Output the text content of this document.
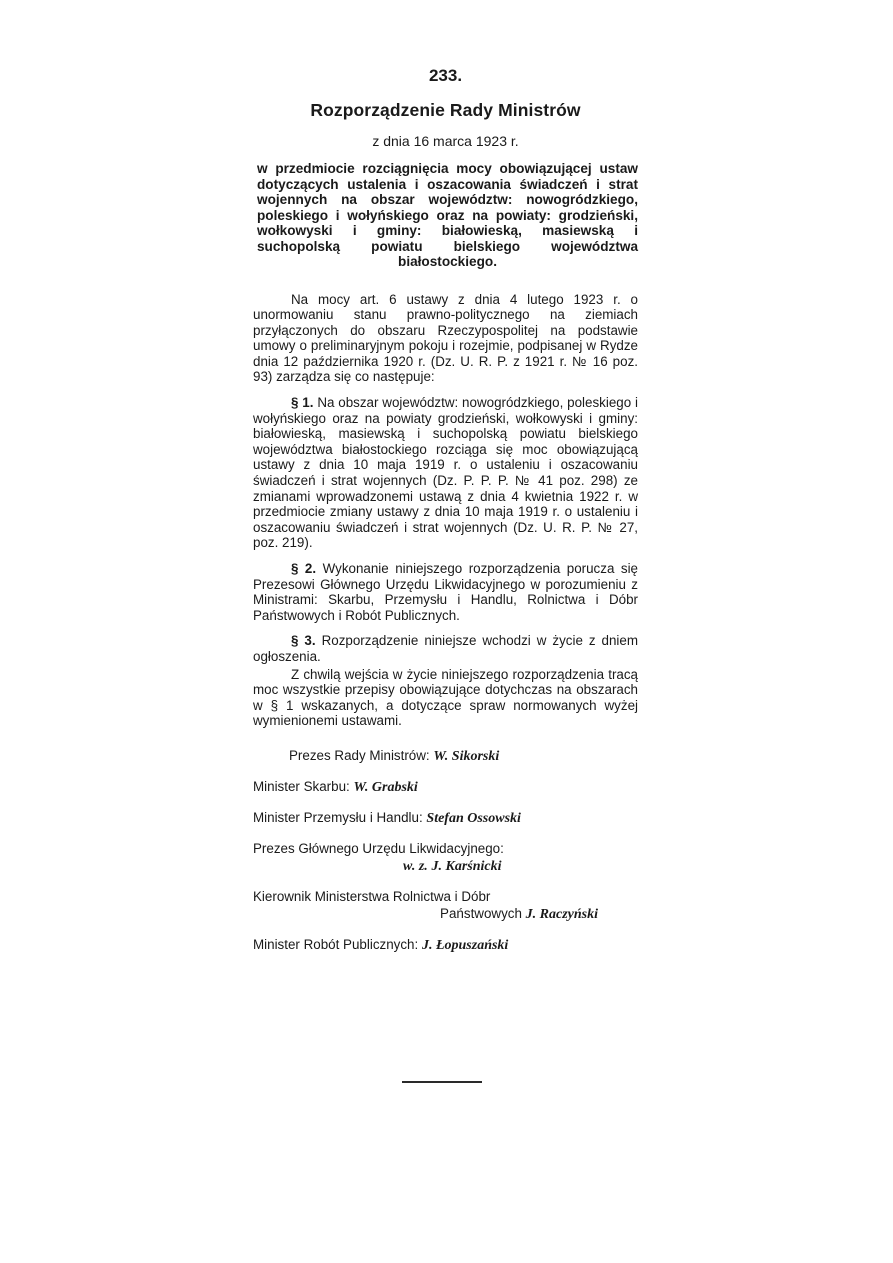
233.
Rozporządzenie Rady Ministrów
z dnia 16 marca 1923 r.
w przedmiocie rozciągnięcia mocy obowiązującej ustaw dotyczących ustalenia i oszacowania świadczeń i strat wojennych na obszar województw: nowogródzkiego, poleskiego i wołyńskiego oraz na powiaty: grodzieński, wołkowyski i gminy: białowieską, masiewską i suchopolską powiatu bielskiego województwa białostockiego.

Na mocy art. 6 ustawy z dnia 4 lutego 1923 r. o unormowaniu stanu prawno-politycznego na ziemiach przyłączonych do obszaru Rzeczypospolitej na podstawie umowy o preliminaryjnym pokoju i rozejmie, podpisanej w Rydze dnia 12 października 1920 r. (Dz. U. R. P. z 1921 r. № 16 poz. 93) zarządza się co następuje:

§ 1. Na obszar województw: nowogródzkiego, poleskiego i wołyńskiego oraz na powiaty grodzieński, wołkowyski i gminy: białowieską, masiewską i suchopolską powiatu bielskiego województwa białostockiego rozciąga się moc obowiązującą ustawy z dnia 10 maja 1919 r. o ustaleniu i oszacowaniu świadczeń i strat wojennych (Dz. P. P. P. № 41 poz. 298) ze zmianami wprowadzonemi ustawą z dnia 4 kwietnia 1922 r. w przedmiocie zmiany ustawy z dnia 10 maja 1919 r. o ustaleniu i oszacowaniu świadczeń i strat wojennych (Dz. U. R. P. № 27, poz. 219).

§ 2. Wykonanie niniejszego rozporządzenia poruczа się Prezesowi Głównego Urzędu Likwidacyjnego w porozumieniu z Ministrami: Skarbu, Przemysłu i Handlu, Rolnictwa i Dóbr Państwowych i Robót Publicznych.

§ 3. Rozporządzenie niniejsze wchodzi w życie z dniem ogłoszenia.

Z chwilą wejścia w życie niniejszego rozporządzenia tracą moc wszystkie przepisy obowiązujące dotychczas na obszarach w § 1 wskazanych, a dotyczące spraw normowanych wyżej wymienionemi ustawami.

Prezes Rady Ministrów: W. Sikorski
Minister Skarbu: W. Grabski
Minister Przemysłu i Handlu: Stefan Ossowski
Prezes Głównego Urzędu Likwidacyjnego:
w. z. J. Karśnicki
Kierownik Ministerstwa Rolnictwa i Dóbr
Państwowych J. Raczyński
Minister Robót Publicznych: J. Łopuszański
